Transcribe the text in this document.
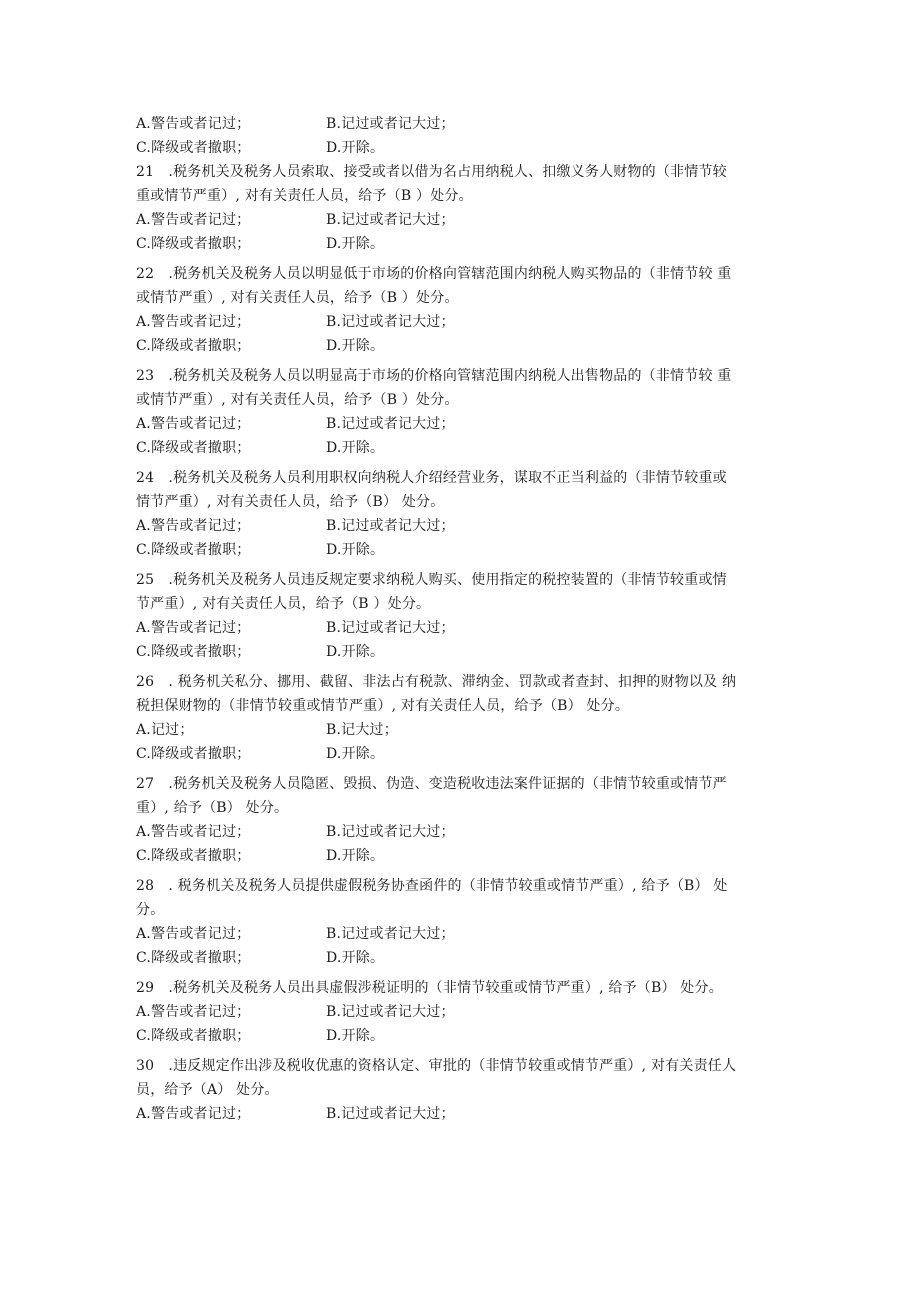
A.警告或者记过；	B.记过或者记大过；
C.降级或者撤职；	D.开除。
21　.税务机关及税务人员索取、接受或者以借为名占用纳税人、扣缴义务人财物的（非情节较
重或情节严重）, 对有关责任人员，给予（B ）处分。
A.警告或者记过；	B.记过或者记大过；
C.降级或者撤职；	D.开除。
22　.税务机关及税务人员以明显低于市场的价格向管辖范围内纳税人购买物品的（非情节较 重
或情节严重）, 对有关责任人员，给予（B ）处分。
A.警告或者记过；	B.记过或者记大过；
C.降级或者撤职；	D.开除。
23　.税务机关及税务人员以明显高于市场的价格向管辖范围内纳税人出售物品的（非情节较 重
或情节严重）, 对有关责任人员，给予（B ）处分。
A.警告或者记过；	B.记过或者记大过；
C.降级或者撤职；	D.开除。
24　.税务机关及税务人员利用职权向纳税人介绍经营业务，谋取不正当利益的（非情节较重或
情节严重）, 对有关责任人员，给予（B） 处分。
A.警告或者记过；	B.记过或者记大过；
C.降级或者撤职；	D.开除。
25　.税务机关及税务人员违反规定要求纳税人购买、使用指定的税控装置的（非情节较重或情
节严重）, 对有关责任人员，给予（B ）处分。
A.警告或者记过；	B.记过或者记大过；
C.降级或者撤职；	D.开除。
26　. 税务机关私分、挪用、截留、非法占有税款、滞纳金、罚款或者查封、扣押的财物以及 纳
税担保财物的（非情节较重或情节严重）, 对有关责任人员，给予（B） 处分。
A.记过；	B.记大过；
C.降级或者撤职；	D.开除。
27　.税务机关及税务人员隐匿、毁损、伪造、变造税收违法案件证据的（非情节较重或情节严
重）, 给予（B） 处分。
A.警告或者记过；	B.记过或者记大过；
C.降级或者撤职；	D.开除。
28　. 税务机关及税务人员提供虚假税务协查函件的（非情节较重或情节严重）, 给予（B） 处
分。
A.警告或者记过；	B.记过或者记大过；
C.降级或者撤职；	D.开除。
29　.税务机关及税务人员出具虚假涉税证明的（非情节较重或情节严重）, 给予（B） 处分。
A.警告或者记过；	B.记过或者记大过；
C.降级或者撤职；	D.开除。
30　.违反规定作出涉及税收优惠的资格认定、审批的（非情节较重或情节严重）, 对有关责任人
员，给予（A） 处分。
A.警告或者记过；	B.记过或者记大过；
